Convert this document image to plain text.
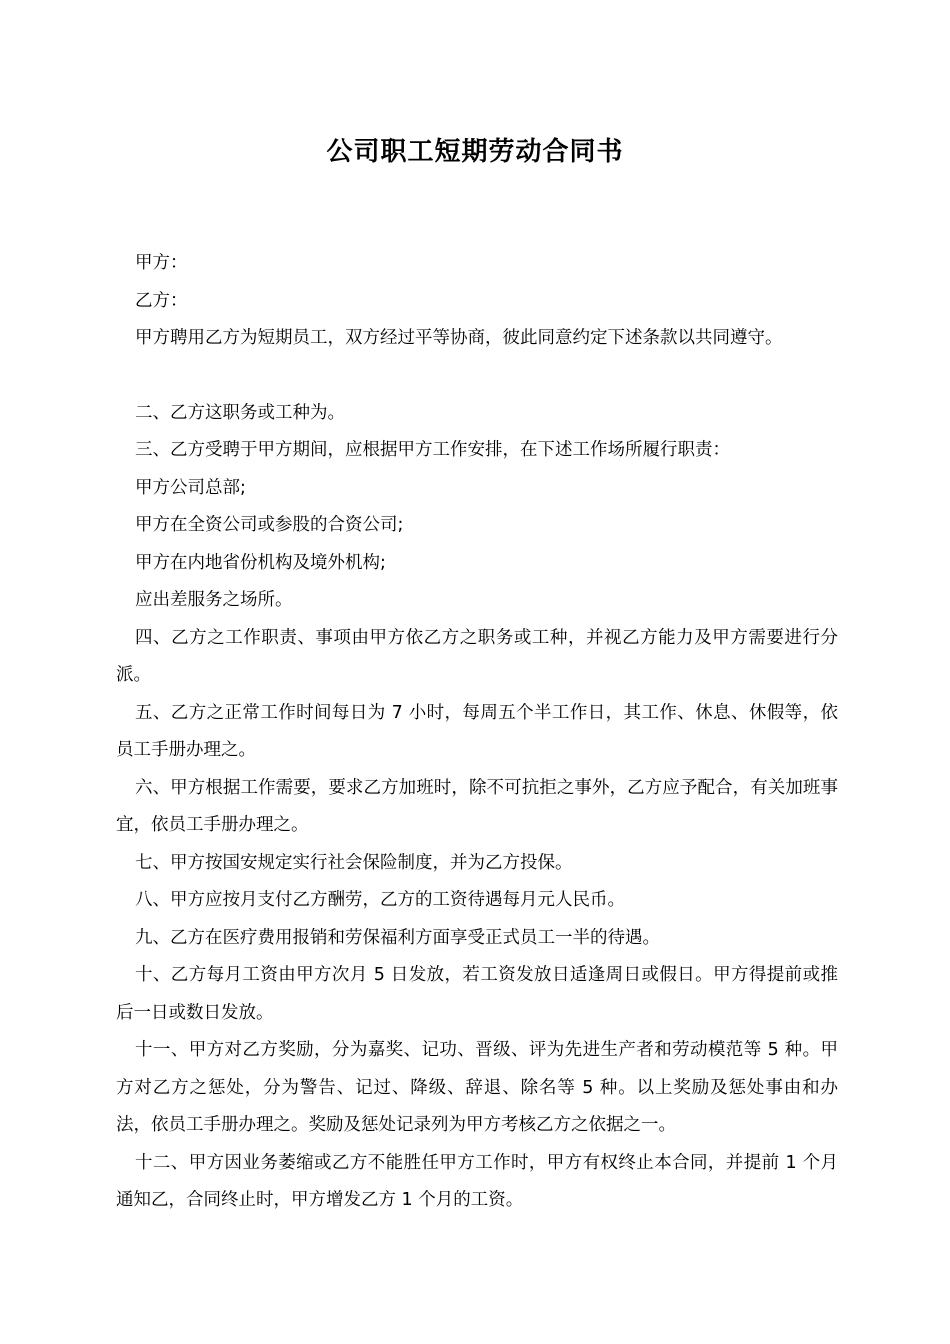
公司职工短期劳动合同书

甲方：

乙方：

甲方聘用乙方为短期员工，双方经过平等协商，彼此同意约定下述条款以共同遵守。

二、乙方这职务或工种为。

三、乙方受聘于甲方期间，应根据甲方工作安排，在下述工作场所履行职责：

甲方公司总部;

甲方在全资公司或参股的合资公司;

甲方在内地省份机构及境外机构;

应出差服务之场所。

四、乙方之工作职责、事项由甲方依乙方之职务或工种，并视乙方能力及甲方需要进行分派。

五、乙方之正常工作时间每日为 7 小时，每周五个半工作日，其工作、休息、休假等，依员工手册办理之。

六、甲方根据工作需要，要求乙方加班时，除不可抗拒之事外，乙方应予配合，有关加班事宜，依员工手册办理之。

七、甲方按国安规定实行社会保险制度，并为乙方投保。

八、甲方应按月支付乙方酬劳，乙方的工资待遇每月元人民币。

九、乙方在医疗费用报销和劳保福利方面享受正式员工一半的待遇。

十、乙方每月工资由甲方次月 5 日发放，若工资发放日适逢周日或假日。甲方得提前或推后一日或数日发放。

十一、甲方对乙方奖励，分为嘉奖、记功、晋级、评为先进生产者和劳动模范等 5 种。甲方对乙方之惩处，分为警告、记过、降级、辞退、除名等 5 种。以上奖励及惩处事由和办法，依员工手册办理之。奖励及惩处记录列为甲方考核乙方之依据之一。

十二、甲方因业务萎缩或乙方不能胜任甲方工作时，甲方有权终止本合同，并提前 1 个月通知乙，合同终止时，甲方增发乙方 1 个月的工资。
